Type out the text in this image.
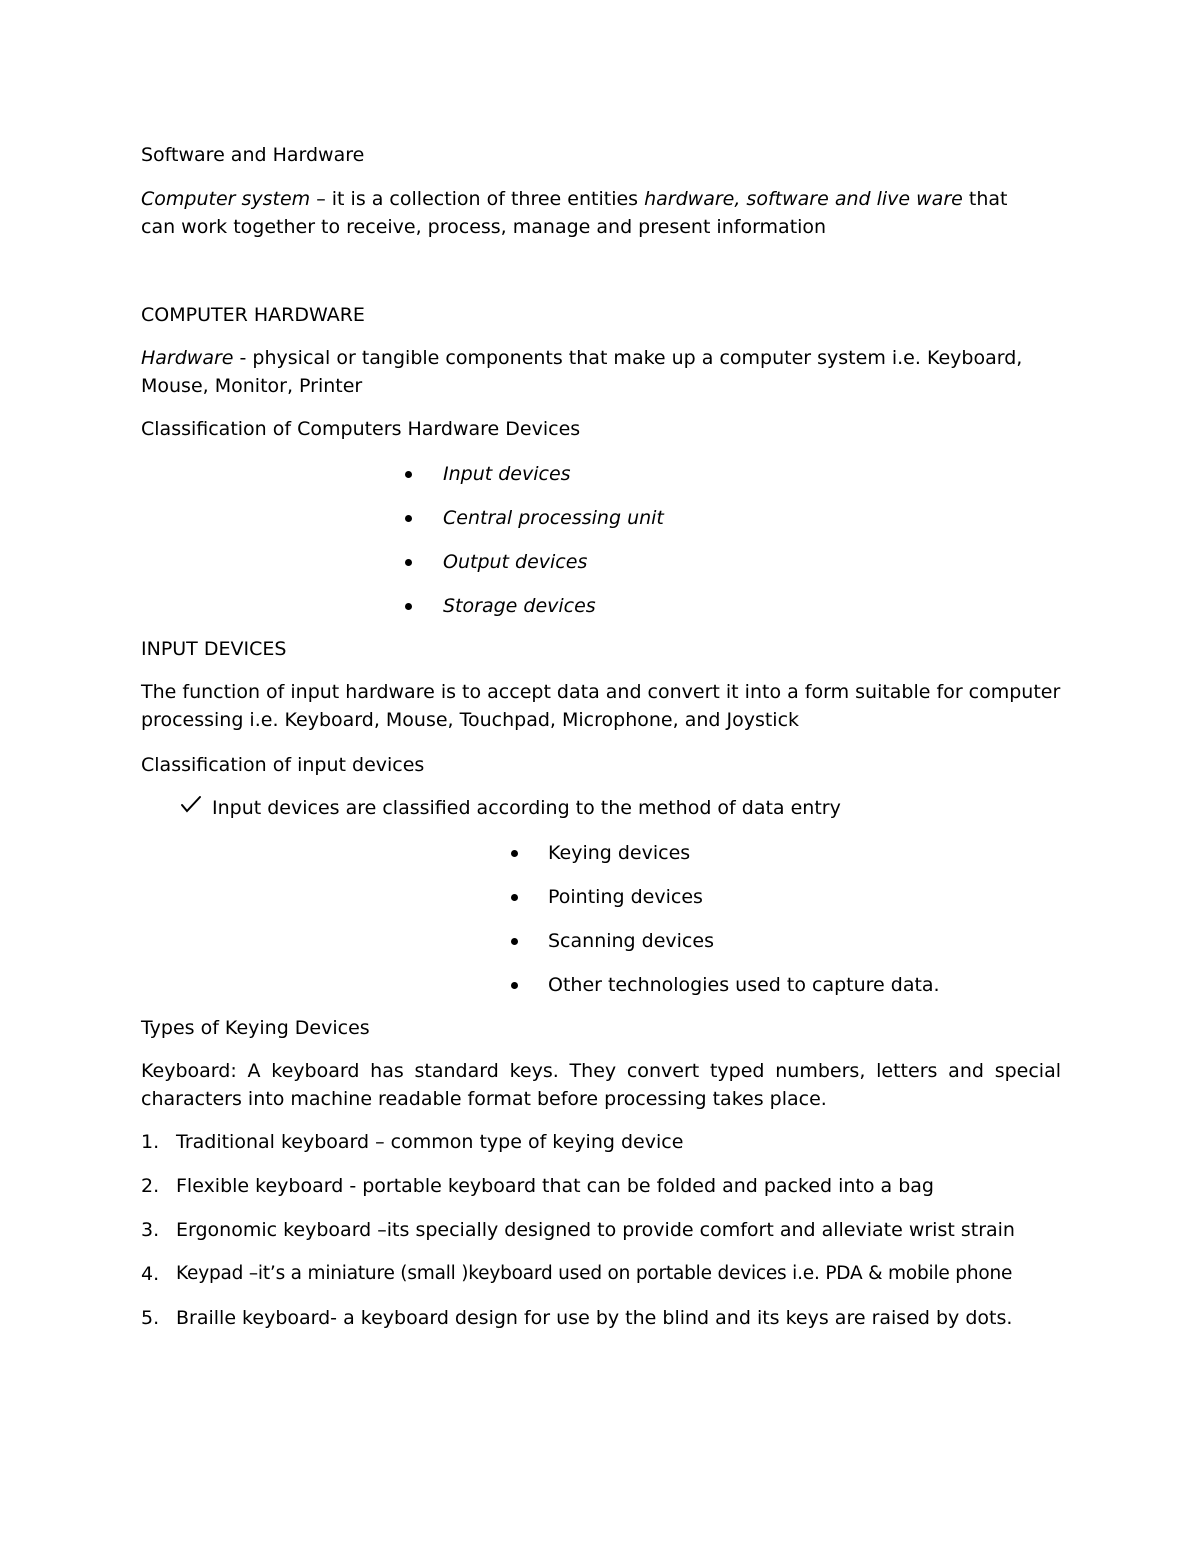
Software and Hardware
Computer system – it is a collection of three entities hardware, software and live ware that
can work together to receive, process, manage and present information
COMPUTER HARDWARE
Hardware - physical or tangible components that make up a computer system i.e. Keyboard,
Mouse, Monitor, Printer
Classification of Computers Hardware Devices
Input devices
Central processing unit
Output devices
Storage devices
INPUT DEVICES
The function of input hardware is to accept data and convert it into a form suitable for computer
processing i.e. Keyboard, Mouse, Touchpad, Microphone, and Joystick
Classification of input devices
Input devices are classified according to the method of data entry
Keying devices
Pointing devices
Scanning devices
Other technologies used to capture data.
Types of Keying Devices
Keyboard: A keyboard has standard keys. They convert typed numbers, letters and special
characters into machine readable format before processing takes place.
1. Traditional keyboard – common type of keying device
2. Flexible keyboard - portable keyboard that can be folded and packed into a bag
3. Ergonomic keyboard –its specially designed to provide comfort and alleviate wrist strain
4. Keypad –it’s a miniature (small )keyboard used on portable devices i.e. PDA & mobile phone
5. Braille keyboard- a keyboard design for use by the blind and its keys are raised by dots.
